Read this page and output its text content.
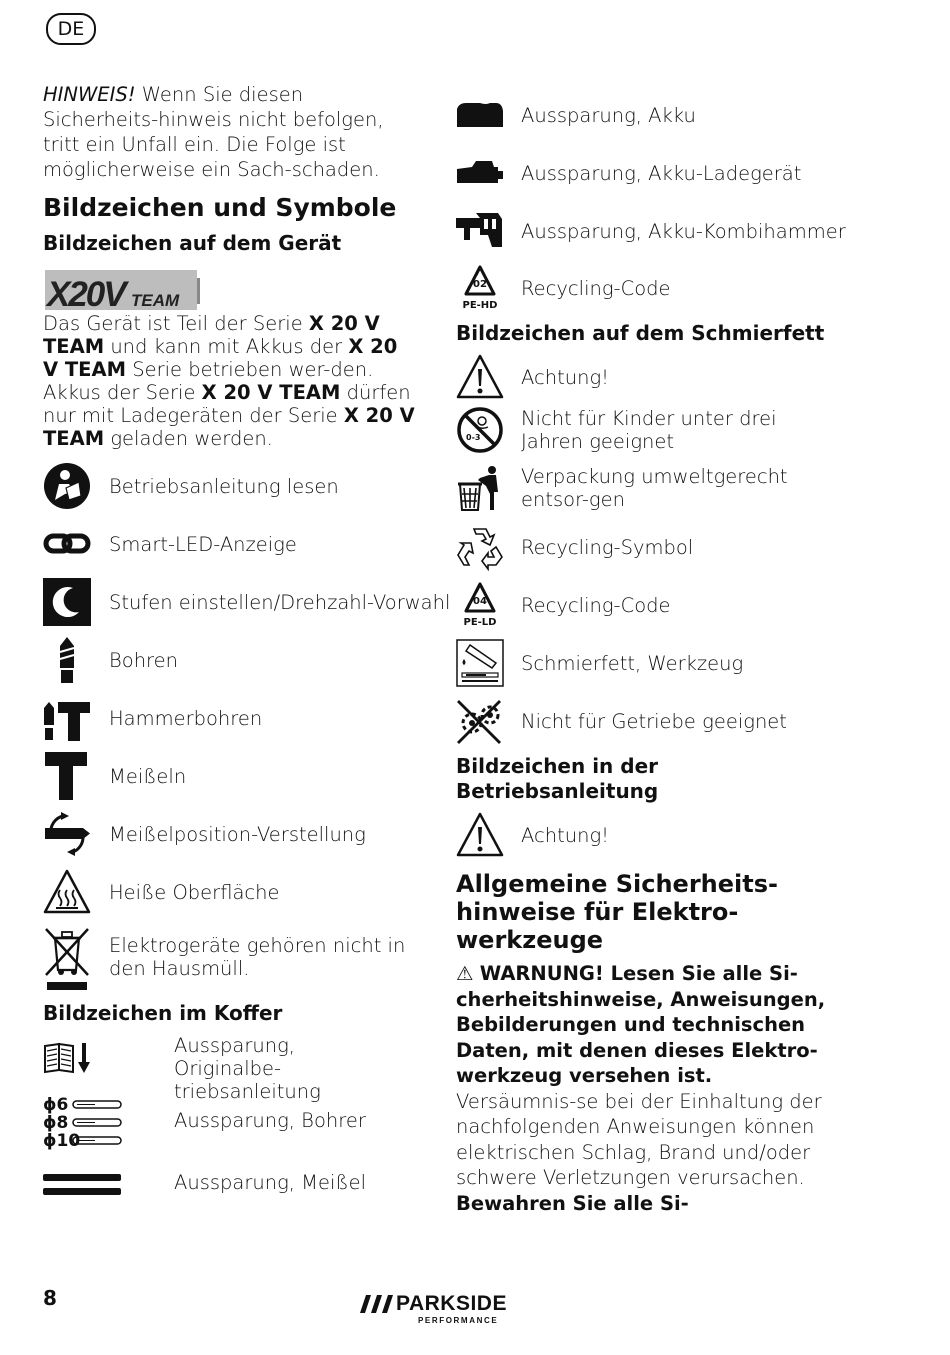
DE
HINWEIS! Wenn Sie diesen Sicherheits-hinweis nicht befolgen, tritt ein Unfall ein. Die Folge ist möglicherweise ein Sach-schaden.
Bildzeichen und Symbole
Bildzeichen auf dem Gerät
X20V TEAM
Das Gerät ist Teil der Serie X 20 V TEAM und kann mit Akkus der X 20 V TEAM Serie betrieben wer-den. Akkus der Serie X 20 V TEAM dürfen nur mit Ladegeräten der Serie X 20 V TEAM geladen werden.
Betriebsanleitung lesen
Smart-LED-Anzeige
Stufen einstellen/Drehzahl-Vorwahl
Bohren
Hammerbohren
Meißeln
Meißelposition-Verstellung
Heiße Oberfläche
Elektrogeräte gehören nicht in den Hausmüll.
Bildzeichen im Koffer
Aussparung, Originalbe-triebsanleitung
ϕ6
ϕ8
ϕ10
Aussparung, Bohrer
Aussparung, Meißel
Aussparung, Akku
Aussparung, Akku-Ladegerät
Aussparung, Akku-Kombihammer
02
PE-HD
Recycling-Code
Bildzeichen auf dem Schmierfett
Achtung!
0-3
Nicht für Kinder unter drei Jahren geeignet
Verpackung umweltgerecht entsor-gen
Recycling-Symbol
04
PE-LD
Recycling-Code
Schmierfett, Werkzeug
Nicht für Getriebe geeignet
Bildzeichen in der Betriebsanleitung
Achtung!
Allgemeine Sicherheits-hinweise für Elektro-werkzeuge
⚠ WARNUNG! Lesen Sie alle Si-cherheitshinweise, Anweisungen, Bebilderungen und technischen Daten, mit denen dieses Elektro-werkzeug versehen ist. Versäumnis-se bei der Einhaltung der nachfolgenden Anweisungen können elektrischen Schlag, Brand und/oder schwere Verletzungen verursachen. Bewahren Sie alle Si-
8	PARKSIDE
PERFORMANCE
